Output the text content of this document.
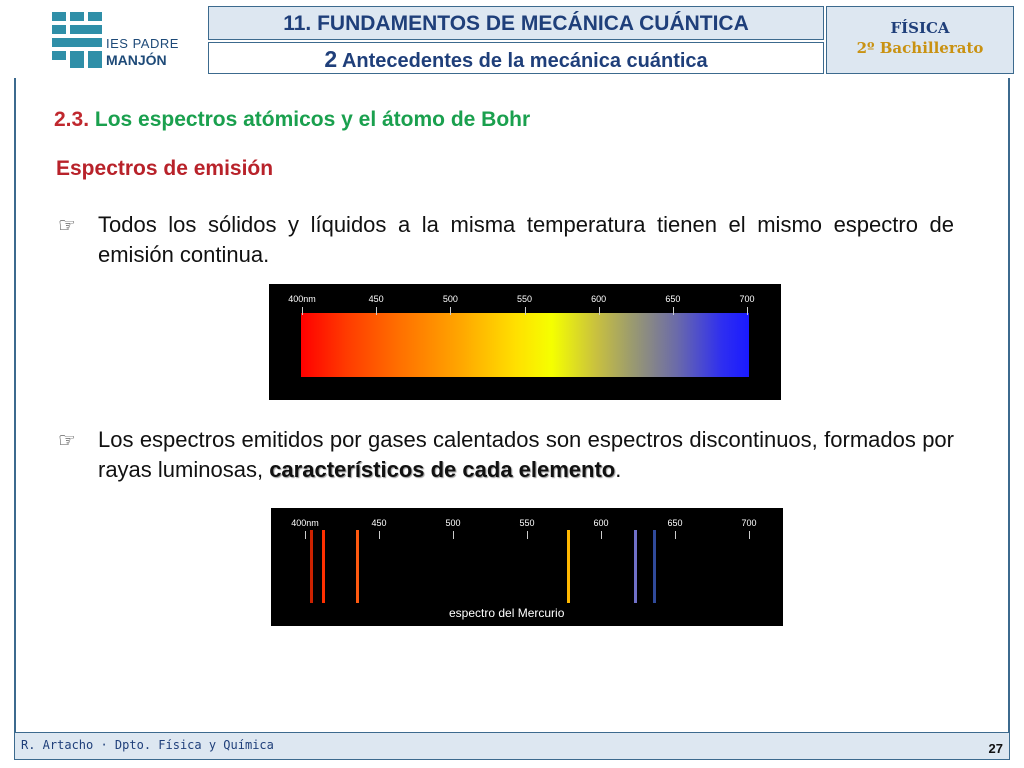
IES PADRE
MANJÓN
11. FUNDAMENTOS DE MECÁNICA CUÁNTICA
2 Antecedentes de la mecánica cuántica
FÍSICA
2º Bachillerato
2.3. Los espectros atómicos y el átomo de Bohr
Espectros de emisión
☞ Todos los sólidos y líquidos a la misma temperatura tienen el mismo espectro de emisión continua.
400nm	450	500	550	600	650	700
☞ Los espectros emitidos por gases calentados son espectros discontinuos, formados por rayas luminosas, característicos de cada elemento.
espectro del Mercurio
400nm	450	500	550	600	650	700
R. Artacho · Dpto. Física y Química	27
